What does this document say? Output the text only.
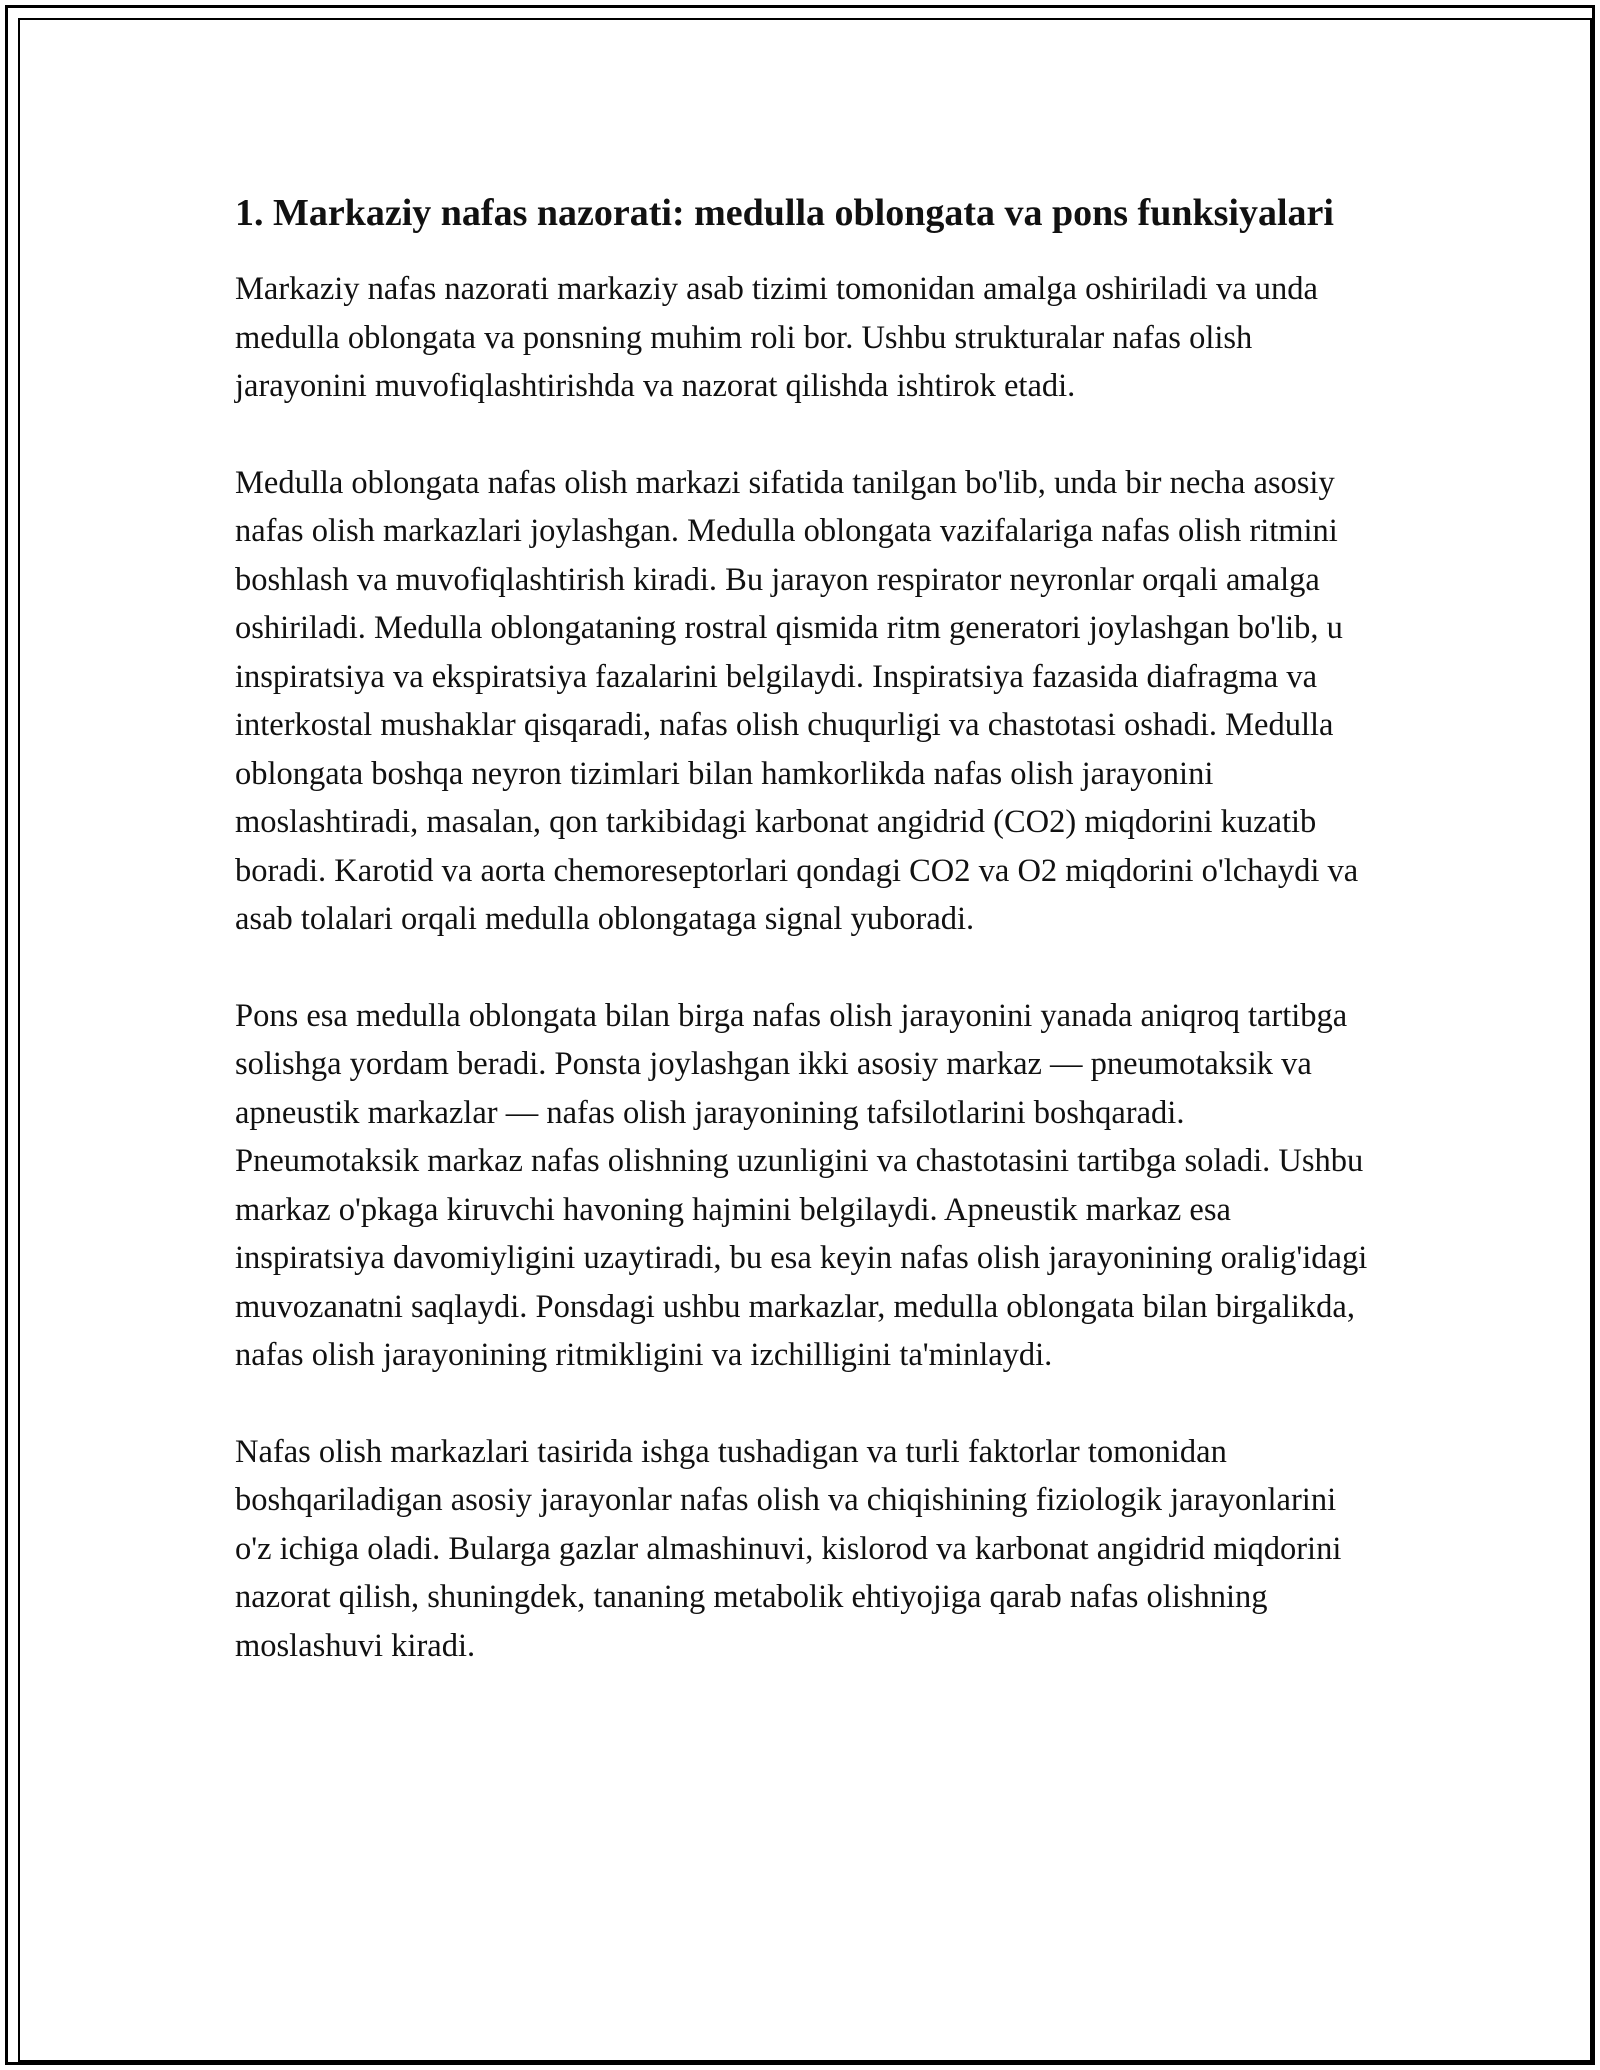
1. Markaziy nafas nazorati: medulla oblongata va pons funksiyalari

Markaziy nafas nazorati markaziy asab tizimi tomonidan amalga oshiriladi va unda medulla oblongata va ponsning muhim roli bor. Ushbu strukturalar nafas olish jarayonini muvofiqlashtirishda va nazorat qilishda ishtirok etadi.

Medulla oblongata nafas olish markazi sifatida tanilgan bo'lib, unda bir necha asosiy nafas olish markazlari joylashgan. Medulla oblongata vazifalariga nafas olish ritmini boshlash va muvofiqlashtirish kiradi. Bu jarayon respirator neyronlar orqali amalga oshiriladi. Medulla oblongataning rostral qismida ritm generatori joylashgan bo'lib, u inspiratsiya va ekspiratsiya fazalarini belgilaydi. Inspiratsiya fazasida diafragma va interkostal mushaklar qisqaradi, nafas olish chuqurligi va chastotasi oshadi. Medulla oblongata boshqa neyron tizimlari bilan hamkorlikda nafas olish jarayonini moslashtiradi, masalan, qon tarkibidagi karbonat angidrid (CO2) miqdorini kuzatib boradi. Karotid va aorta chemoreseptorlari qondagi CO2 va O2 miqdorini o'lchaydi va asab tolalari orqali medulla oblongataga signal yuboradi.

Pons esa medulla oblongata bilan birga nafas olish jarayonini yanada aniqroq tartibga solishga yordam beradi. Ponsta joylashgan ikki asosiy markaz — pneumotaksik va apneustik markazlar — nafas olish jarayonining tafsilotlarini boshqaradi. Pneumotaksik markaz nafas olishning uzunligini va chastotasini tartibga soladi. Ushbu markaz o'pkaga kiruvchi havoning hajmini belgilaydi. Apneustik markaz esa inspiratsiya davomiyligini uzaytiradi, bu esa keyin nafas olish jarayonining oralig'idagi muvozanatni saqlaydi. Ponsdagi ushbu markazlar, medulla oblongata bilan birgalikda, nafas olish jarayonining ritmikligini va izchilligini ta'minlaydi.

Nafas olish markazlari tasirida ishga tushadigan va turli faktorlar tomonidan boshqariladigan asosiy jarayonlar nafas olish va chiqishining fiziologik jarayonlarini o'z ichiga oladi. Bularga gazlar almashinuvi, kislorod va karbonat angidrid miqdorini nazorat qilish, shuningdek, tananing metabolik ehtiyojiga qarab nafas olishning moslashuvi kiradi.
